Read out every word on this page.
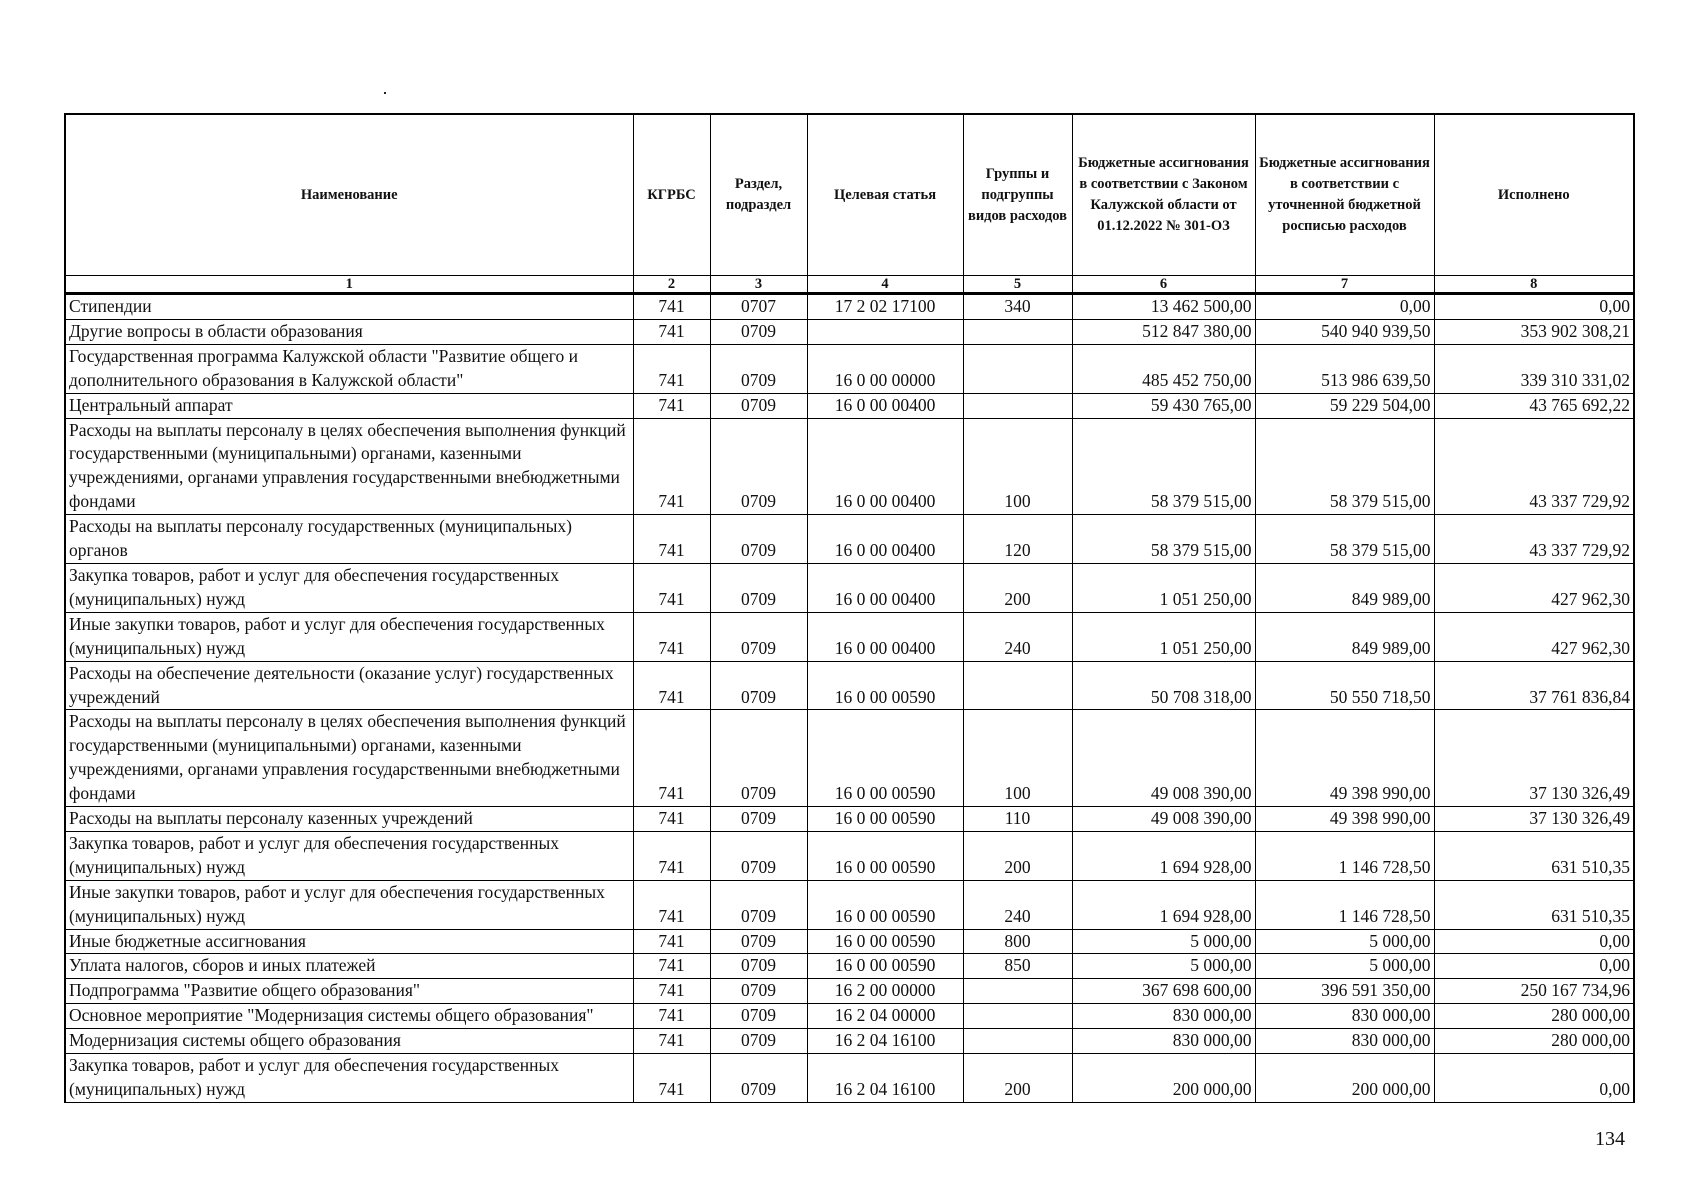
Наименование	КГРБС	Раздел, подраздел	Целевая статья	Группы и подгруппы видов расходов	Бюджетные ассигнования в соответствии с Законом Калужской области от 01.12.2022 № 301-ОЗ	Бюджетные ассигнования в соответствии с уточненной бюджетной росписью расходов	Исполнено
1	2	3	4	5	6	7	8
Стипендии	741	0707	17 2 02 17100	340	13 462 500,00	0,00	0,00
Другие вопросы в области образования	741	0709			512 847 380,00	540 940 939,50	353 902 308,21
Государственная программа Калужской области "Развитие общего и дополнительного образования в Калужской области"	741	0709	16 0 00 00000		485 452 750,00	513 986 639,50	339 310 331,02
Центральный аппарат	741	0709	16 0 00 00400		59 430 765,00	59 229 504,00	43 765 692,22
Расходы на выплаты персоналу в целях обеспечения выполнения функций государственными (муниципальными) органами, казенными учреждениями, органами управления государственными внебюджетными фондами	741	0709	16 0 00 00400	100	58 379 515,00	58 379 515,00	43 337 729,92
Расходы на выплаты персоналу государственных (муниципальных) органов	741	0709	16 0 00 00400	120	58 379 515,00	58 379 515,00	43 337 729,92
Закупка товаров, работ и услуг для обеспечения государственных (муниципальных) нужд	741	0709	16 0 00 00400	200	1 051 250,00	849 989,00	427 962,30
Иные закупки товаров, работ и услуг для обеспечения государственных (муниципальных) нужд	741	0709	16 0 00 00400	240	1 051 250,00	849 989,00	427 962,30
Расходы на обеспечение деятельности (оказание услуг) государственных учреждений	741	0709	16 0 00 00590		50 708 318,00	50 550 718,50	37 761 836,84
Расходы на выплаты персоналу в целях обеспечения выполнения функций государственными (муниципальными) органами, казенными учреждениями, органами управления государственными внебюджетными фондами	741	0709	16 0 00 00590	100	49 008 390,00	49 398 990,00	37 130 326,49
Расходы на выплаты персоналу казенных учреждений	741	0709	16 0 00 00590	110	49 008 390,00	49 398 990,00	37 130 326,49
Закупка товаров, работ и услуг для обеспечения государственных (муниципальных) нужд	741	0709	16 0 00 00590	200	1 694 928,00	1 146 728,50	631 510,35
Иные закупки товаров, работ и услуг для обеспечения государственных (муниципальных) нужд	741	0709	16 0 00 00590	240	1 694 928,00	1 146 728,50	631 510,35
Иные бюджетные ассигнования	741	0709	16 0 00 00590	800	5 000,00	5 000,00	0,00
Уплата налогов, сборов и иных платежей	741	0709	16 0 00 00590	850	5 000,00	5 000,00	0,00
Подпрограмма "Развитие общего образования"	741	0709	16 2 00 00000		367 698 600,00	396 591 350,00	250 167 734,96
Основное мероприятие "Модернизация системы общего образования"	741	0709	16 2 04 00000		830 000,00	830 000,00	280 000,00
Модернизация системы общего образования	741	0709	16 2 04 16100		830 000,00	830 000,00	280 000,00
Закупка товаров, работ и услуг для обеспечения государственных (муниципальных) нужд	741	0709	16 2 04 16100	200	200 000,00	200 000,00	0,00
134
